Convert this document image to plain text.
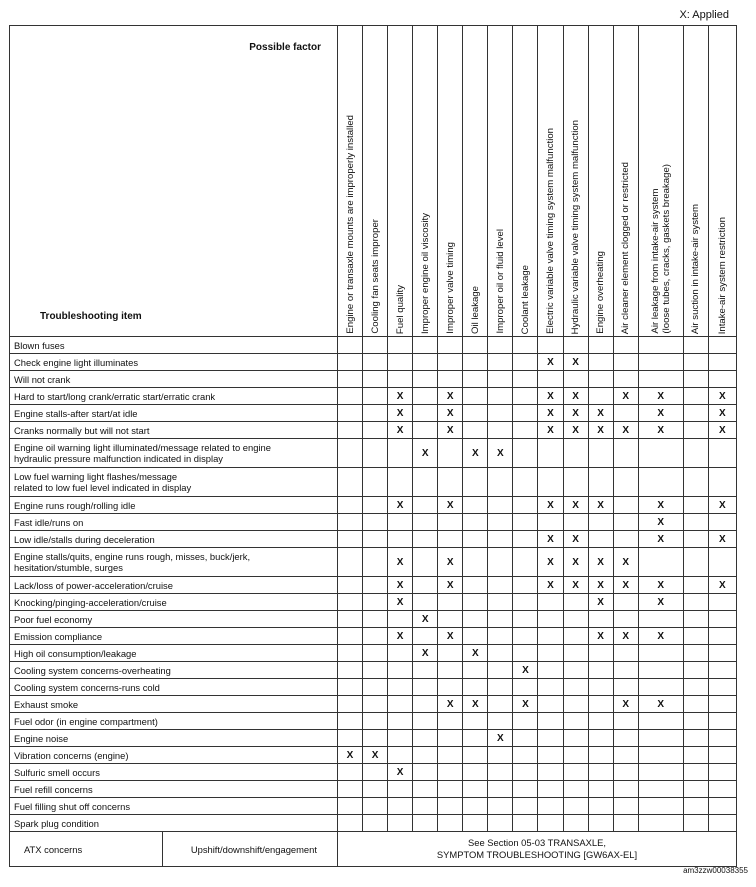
X: Applied
Possible factor
Troubleshooting item		Engine or transaxle mounts are improperly installed	Cooling fan seats improper	Fuel quality	Improper engine oil viscosity	Improper valve timing	Oil leakage	Improper oil or fluid level	Coolant leakage	Electric variable valve timing system malfunction	Hydraulic variable valve timing system malfunction	Engine overheating	Air cleaner element clogged or restricted	Air leakage from intake-air system
(loose tubes, cracks, gaskets breakage)	Air suction in intake-air system	Intake-air system restriction
Blown fuses																
Check engine light illuminates										X	X					
Will not crank																
Hard to start/long crank/erratic start/erratic crank				X		X				X	X		X	X		X
Engine stalls-after start/at idle				X		X				X	X	X		X		X
Cranks normally but will not start				X		X				X	X	X	X	X		X
Engine oil warning light illuminated/message related to engine
hydraulic pressure malfunction indicated in display					X		X	X								
Low fuel warning light flashes/message
related to low fuel level indicated in display																
Engine runs rough/rolling idle				X		X				X	X	X		X		X
Fast idle/runs on														X		
Low idle/stalls during deceleration										X	X			X		X
Engine stalls/quits, engine runs rough, misses, buck/jerk,
hesitation/stumble, surges				X		X				X	X	X	X			
Lack/loss of power-acceleration/cruise				X		X				X	X	X	X	X		X
Knocking/pinging-acceleration/cruise				X								X		X		
Poor fuel economy					X											
Emission compliance				X		X						X	X	X		
High oil consumption/leakage					X		X									
Cooling system concerns-overheating									X							
Cooling system concerns-runs cold																
Exhaust smoke						X	X		X				X	X		
Fuel odor (in engine compartment)																
Engine noise								X								
Vibration concerns (engine)		X	X													
Sulfuric smell occurs				X												
Fuel refill concerns																
Fuel filling shut off concerns																
Spark plug condition																
ATX concerns	Upshift/downshift/engagement	See Section 05-03 TRANSAXLE,
SYMPTOM TROUBLESHOOTING [GW6AX-EL]														
am3zzw00038355
